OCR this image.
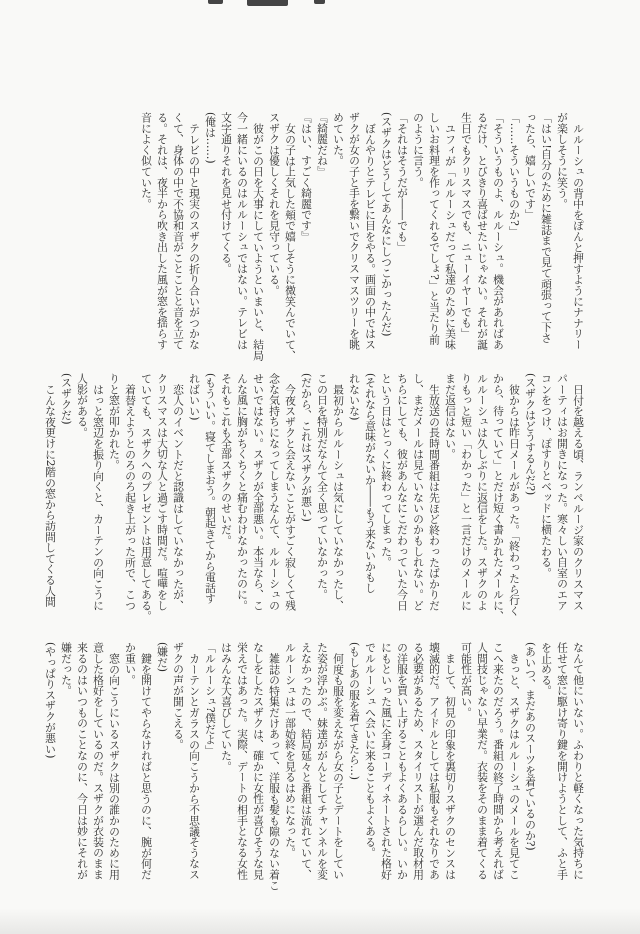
ルルーシュの背中をぽんと押すようにナナリー

が楽しそうに笑う。

「はい!自分のために雑誌まで見て頑張って下さ

ったら、嬉しいです」

「……そういうものか?」

「そういうものよ、ルルーシュ。機会があればあ

るだけ、とびきり喜ばせたいじゃない。それが誕

生日でもクリスマスでも、ニューイヤーでも」

ユフィが「ルルーシュだって私達のために美味

しいお料理を作ってくれるでしょ?」と当たり前

のように言う。

「それはそうだが――でも」

(スザクはどうしてあんなにしつこかったんだ)

ぼんやりとテレビに目をやる。画面の中ではス

ザクが女の子と手を繋いでクリスマスツリーを眺

めていた。

『綺麗だね』

『はい、すごく綺麗です』

女の子は上気した頬で嬉しそうに微笑んでいて、

スザクは優しくそれを見守っている。

彼がこの日を大事にしていようといまいと、結局

今一緒にいるのはルルーシュではない。テレビは

文字通りそれを見せ付けてくる。

(俺は……)

テレビの中と現実のスザクの折り合いがつかな

くて、身体の中で不協和音がことことと音を立て

る。それは、夜半から吹き出した風が窓を揺らす

音によく似ていた。

日付を越える頃、ランペルージ家のクリスマス

パーティはお開きになった。寒々しい自室のエア

コンをつけ、ぽすりとベッドに横たわる。

(スザクはどうするんだ?)

彼からは昨日メールがあった。「終わったら行く

から、待っていて」とだけ短く書かれたメールに、

ルルーシュは久しぶりに返信をした。スザクのよ

りもっと短い「わかった」と一言だけのメールに

まだ返信はない。

生放送の長時間番組は先ほど終わったばかりだ

し、まだメールは見ていないのかもしれない。ど

ちらにしても、彼があんなにこだわっていた今日

という日はとっくに終わってしまった。

(それなら意味がないか――もう来ないかもし

れないな)

最初からルルーシュは気にしていなかったし、

この日を特別だなんて全く思っていなかった。

(だから、これはスザクが悪い)

今夜スザクと会えないことがすごく寂しくて残

念な気持ちになってしまうなんて、ルルーシュの

せいではない。スザクが全部悪い。本当なら、こ

んな風に胸がちくちくと痛むわけなかったのに。

それもこれも全部スザクのせいだ。

(もういい。寝てしまおう。朝起きてから電話す

ればいい)

恋人のイベントだと認識はしていなかったが、

クリスマスは大切な人と過ごす時間だ。喧嘩をし

ていても、スザクへのプレゼントは用意してある。

着替えようとのろのろ起き上がった所で、こつ

りと窓が叩かれた。

はっと窓辺を振り向くと、カーテンの向こうに

人影がある。

(スザクだ)

こんな夜更けに2階の窓から訪問してくる人間

なんて他にいない。ふわりと軽くなった気持ちに

任せて窓に駆け寄り鍵を開けようとして、ふと手

を止める。

(あいつ、まだあのスーツを着ているのか?)

きっと、スザクはルルーシュのメールを見てこ

こへ来たのだろう。番組の終了時間から考えれば

人間技じゃない早業だ。衣装をそのまま着てくる

可能性が高い。

まして、初見の印象を裏切りスザクのセンスは

壊滅的だ。アイドルとしては私服もそれなりであ

る必要があるため、スタイリストが選んだ取材用

の洋服を買い上げることもよくあるらしい。いか

にもといった風に全身コーディネートされた格好

でルルーシュへ会いに来ることもよくある。

(もしあの服を着てきたら…)

何度も服を変えながら女の子とデートをしてい

た姿が浮かぶ。妹達ががんとしてチャンネルを変

えなかったので、結局延々と番組は流れていて、

ルルーシュは一部始終を見るはめになった。

雑誌の特集だけあって、洋服も髪も隙のない着こ

なしをしたスザクは、確かに女性が喜びそうな見

栄えではあった。実際、デートの相手となる女性

はみんな大喜びしていた。

「ルルーシュ?僕だよ」

カーテンとガラスの向こうから不思議そうなス

ザクの声が聞こえる。

(嫌だ)

鍵を開けてやらなければと思うのに、腕が何だ

か重い。

窓の向こうにいるスザクは別の誰かのために用

意した格好をしているのだ。スザクが衣装のまま

来るのはいつものことなのに、今日は妙にそれが

嫌だった。

(やっぱりスザクが悪い)
